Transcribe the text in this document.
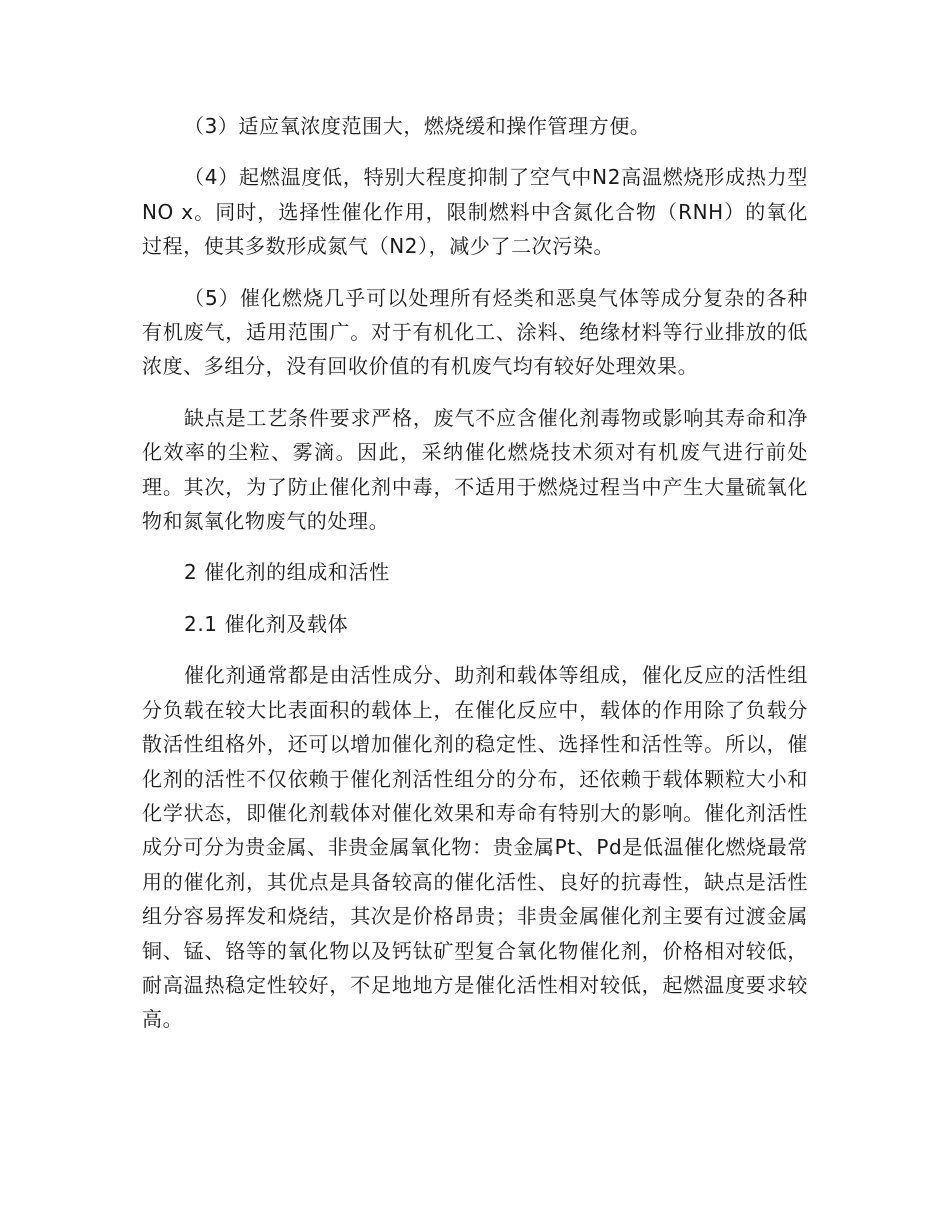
（3）适应氧浓度范围大，燃烧缓和操作管理方便。

（4）起燃温度低，特别大程度抑制了空气中N2高温燃烧形成热力型NO x。同时，选择性催化作用，限制燃料中含氮化合物（RNH）的氧化过程，使其多数形成氮气（N2），减少了二次污染。

（5）催化燃烧几乎可以处理所有烃类和恶臭气体等成分复杂的各种有机废气，适用范围广。对于有机化工、涂料、绝缘材料等行业排放的低浓度、多组分，没有回收价值的有机废气均有较好处理效果。

缺点是工艺条件要求严格，废气不应含催化剂毒物或影响其寿命和净化效率的尘粒、雾滴。因此，采纳催化燃烧技术须对有机废气进行前处理。其次，为了防止催化剂中毒，不适用于燃烧过程当中产生大量硫氧化物和氮氧化物废气的处理。

2 催化剂的组成和活性

2.1 催化剂及载体

催化剂通常都是由活性成分、助剂和载体等组成，催化反应的活性组分负载在较大比表面积的载体上，在催化反应中，载体的作用除了负载分散活性组格外，还可以增加催化剂的稳定性、选择性和活性等。所以，催化剂的活性不仅依赖于催化剂活性组分的分布，还依赖于载体颗粒大小和化学状态，即催化剂载体对催化效果和寿命有特别大的影响。催化剂活性成分可分为贵金属、非贵金属氧化物：贵金属Pt、Pd是低温催化燃烧最常用的催化剂，其优点是具备较高的催化活性、良好的抗毒性，缺点是活性组分容易挥发和烧结，其次是价格昂贵；非贵金属催化剂主要有过渡金属铜、锰、铬等的氧化物以及钙钛矿型复合氧化物催化剂，价格相对较低，耐高温热稳定性较好，不足地地方是催化活性相对较低，起燃温度要求较高。
